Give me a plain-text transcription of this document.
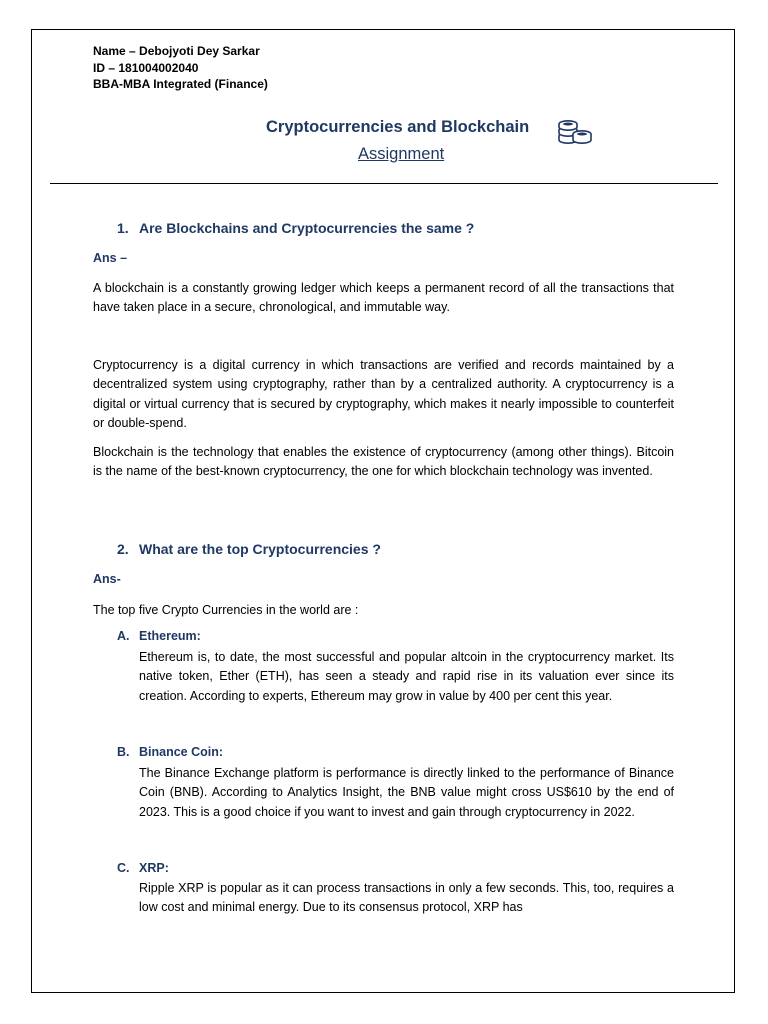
Name – Debojyoti Dey Sarkar
ID – 181004002040
BBA-MBA Integrated (Finance)
Cryptocurrencies and Blockchain
Assignment
1. Are Blockchains and Cryptocurrencies the same ?
Ans –
A blockchain is a constantly growing ledger which keeps a permanent record of all the transactions that have taken place in a secure, chronological, and immutable way.
Cryptocurrency is a digital currency in which transactions are verified and records maintained by a decentralized system using cryptography, rather than by a centralized authority. A cryptocurrency is a digital or virtual currency that is secured by cryptography, which makes it nearly impossible to counterfeit or double-spend.
Blockchain is the technology that enables the existence of cryptocurrency (among other things). Bitcoin is the name of the best-known cryptocurrency, the one for which blockchain technology was invented.
2. What are the top Cryptocurrencies ?
Ans-
The top five Crypto Currencies in the world are :
A. Ethereum:
Ethereum is, to date, the most successful and popular altcoin in the cryptocurrency market. Its native token, Ether (ETH), has seen a steady and rapid rise in its valuation ever since its creation. According to experts, Ethereum may grow in value by 400 per cent this year.
B. Binance Coin:
The Binance Exchange platform is performance is directly linked to the performance of Binance Coin (BNB). According to Analytics Insight, the BNB value might cross US$610 by the end of 2023. This is a good choice if you want to invest and gain through cryptocurrency in 2022.
C. XRP:
Ripple XRP is popular as it can process transactions in only a few seconds. This, too, requires a low cost and minimal energy. Due to its consensus protocol, XRP has
